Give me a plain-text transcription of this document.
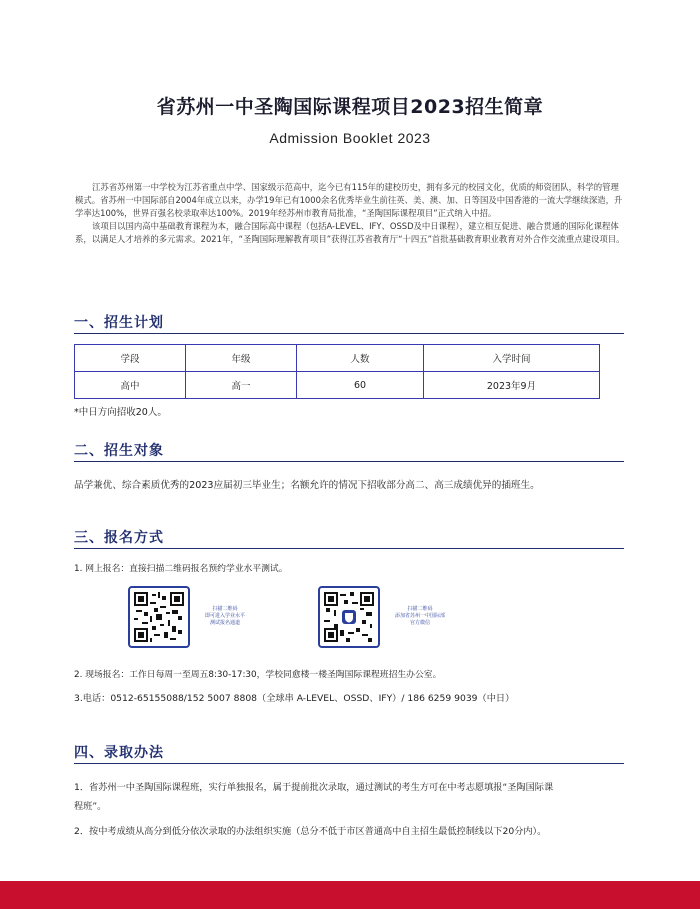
省苏州一中圣陶国际课程项目2023招生简章
Admission Booklet 2023

江苏省苏州第一中学校为江苏省重点中学、国家级示范高中，迄今已有115年的建校历史，拥有多元的校园文化，优质的师资团队，科学的管理模式。省苏州一中国际部自2004年成立以来，办学19年已有1000余名优秀毕业生前往英、美、澳、加、日等国及中国香港的一流大学继续深造，升学率达100%，世界百强名校录取率达100%。2019年经苏州市教育局批准，“圣陶国际课程项目”正式纳入中招。

该项目以国内高中基础教育课程为本，融合国际高中课程（包括A-LEVEL、IFY、OSSD及中日课程），建立相互促进、融合贯通的国际化课程体系，以满足人才培养的多元需求。2021年，“圣陶国际理解教育项目”获得江苏省教育厅“十四五”首批基础教育职业教育对外合作交流重点建设项目。

一、招生计划
学段	年级	人数	入学时间
高中	高一	60	2023年9月
*中日方向招收20人。
二、招生对象
品学兼优、综合素质优秀的2023应届初三毕业生；名额允许的情况下招收部分高二、高三成绩优异的插班生。
三、报名方式
1. 网上报名：直接扫描二维码报名预约学业水平测试。
扫描二维码
即可进入学业水平
测试报名通道
扫描二维码
添加省苏州一中国际部
官方微信
2. 现场报名：工作日每周一至周五8:30-17:30，学校同愈楼一楼圣陶国际课程班招生办公室。
3.电话：0512-65155088/152 5007 8808（全球串 A-LEVEL、OSSD、IFY）/ 186 6259 9039（中日）
四、录取办法
1．省苏州一中圣陶国际课程班，实行单独报名，属于提前批次录取，通过测试的考生方可在中考志愿填报“圣陶国际课
程班”。
2．按中考成绩从高分到低分依次录取的办法组织实施（总分不低于市区普通高中自主招生最低控制线以下20分内）。
